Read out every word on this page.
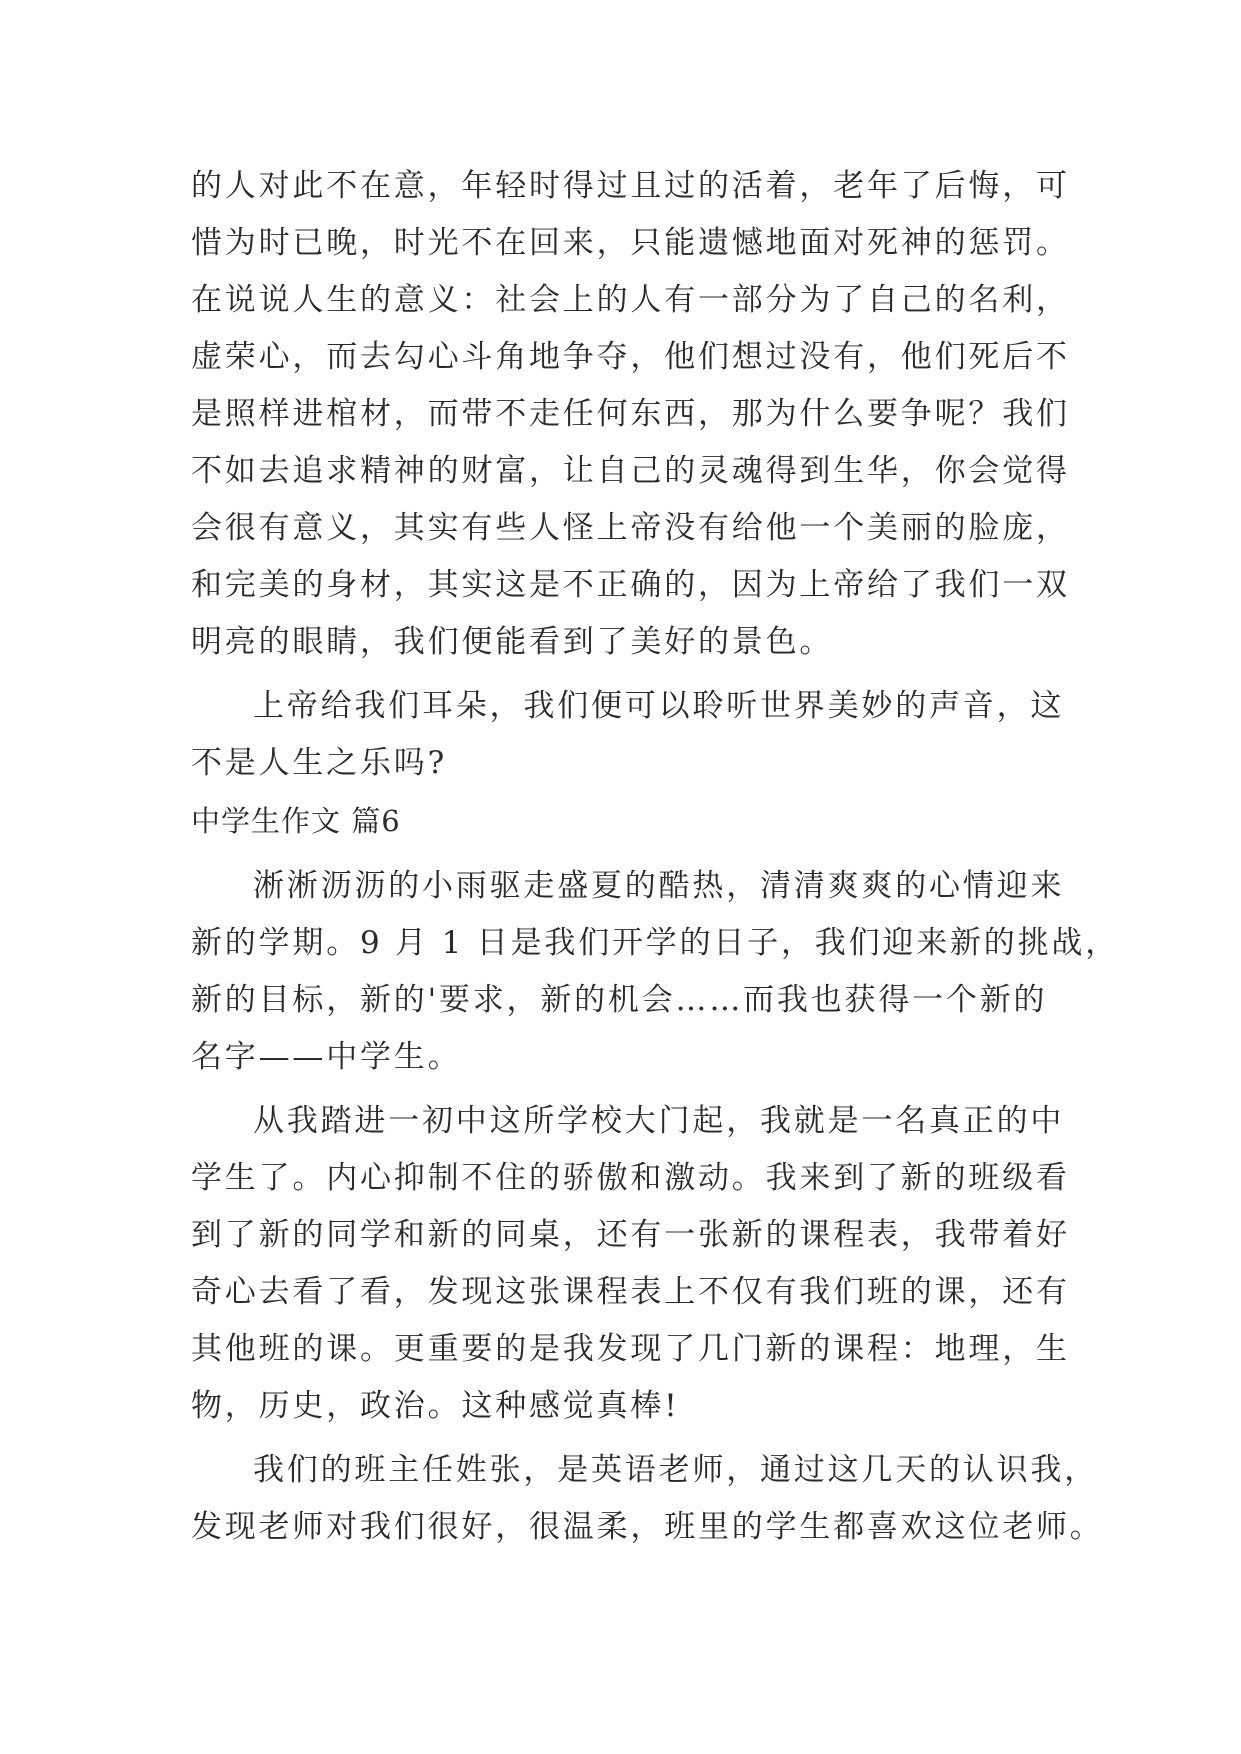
的人对此不在意，年轻时得过且过的活着，老年了后悔，可
惜为时已晚，时光不在回来，只能遗憾地面对死神的惩罚。
在说说人生的意义：社会上的人有一部分为了自己的名利，
虚荣心，而去勾心斗角地争夺，他们想过没有，他们死后不
是照样进棺材，而带不走任何东西，那为什么要争呢？我们
不如去追求精神的财富，让自己的灵魂得到生华，你会觉得
会很有意义，其实有些人怪上帝没有给他一个美丽的脸庞，
和完美的身材，其实这是不正确的，因为上帝给了我们一双
明亮的眼睛，我们便能看到了美好的景色。
上帝给我们耳朵，我们便可以聆听世界美妙的声音，这
不是人生之乐吗?
中学生作文 篇6
淅淅沥沥的小雨驱走盛夏的酷热，清清爽爽的心情迎来
新的学期。9 月 1 日是我们开学的日子，我们迎来新的挑战，
新的目标，新的'要求，新的机会……而我也获得一个新的
名字——中学生。
从我踏进一初中这所学校大门起，我就是一名真正的中
学生了。内心抑制不住的骄傲和激动。我来到了新的班级看
到了新的同学和新的同桌，还有一张新的课程表，我带着好
奇心去看了看，发现这张课程表上不仅有我们班的课，还有
其他班的课。更重要的是我发现了几门新的课程：地理，生
物，历史，政治。这种感觉真棒!
我们的班主任姓张，是英语老师，通过这几天的认识我，
发现老师对我们很好，很温柔，班里的学生都喜欢这位老师。
